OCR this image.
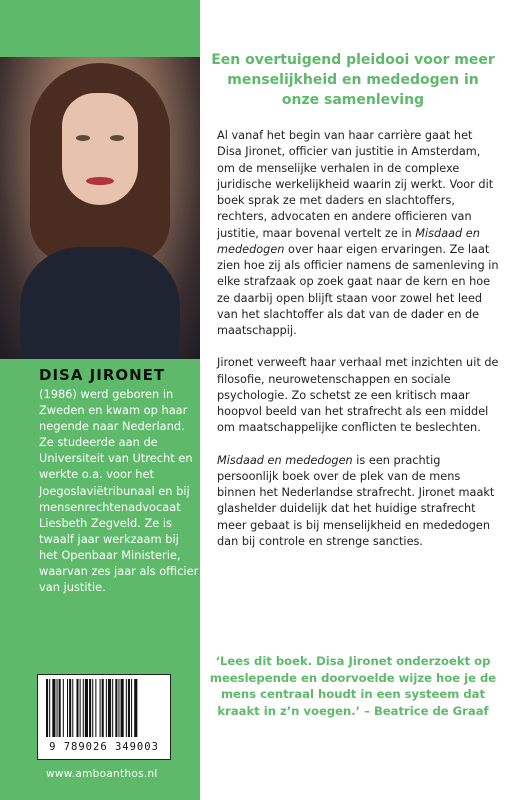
DISA JIRONET
(1986) werd geboren in Zweden en kwam op haar negende naar Nederland. Ze studeerde aan de Universiteit van Utrecht en werkte o.a. voor het Joegoslaviëtribunaal en bij mensenrechtenadvocaat Liesbeth Zegveld. Ze is twaalf jaar werkzaam bij het Openbaar Ministerie, waarvan zes jaar als officier van justitie.
9 789026 349003
www.amboanthos.nl
Een overtuigend pleidooi voor meer menselijkheid en mededogen in onze samenleving

Al vanaf het begin van haar carrière gaat het Disa Jironet, officier van justitie in Amsterdam, om de menselijke verhalen in de complexe juridische werkelijkheid waarin zij werkt. Voor dit boek sprak ze met daders en slachtoffers, rechters, advocaten en andere officieren van justitie, maar bovenal vertelt ze in Misdaad en mededogen over haar eigen ervaringen. Ze laat zien hoe zij als officier namens de samenleving in elke strafzaak op zoek gaat naar de kern en hoe ze daarbij open blijft staan voor zowel het leed van het slachtoffer als dat van de dader en de maatschappij.

Jironet verweeft haar verhaal met inzichten uit de filosofie, neurowetenschappen en sociale psychologie. Zo schetst ze een kritisch maar hoopvol beeld van het strafrecht als een middel om maatschappelijke conflicten te beslechten.

Misdaad en mededogen is een prachtig persoonlijk boek over de plek van de mens binnen het Nederlandse strafrecht. Jironet maakt glashelder duidelijk dat het huidige strafrecht meer gebaat is bij menselijkheid en mededogen dan bij controle en strenge sancties.

‘Lees dit boek. Disa Jironet onderzoekt op meeslepende en doorvoelde wijze hoe je de mens centraal houdt in een systeem dat kraakt in z’n voegen.’ – Beatrice de Graaf
